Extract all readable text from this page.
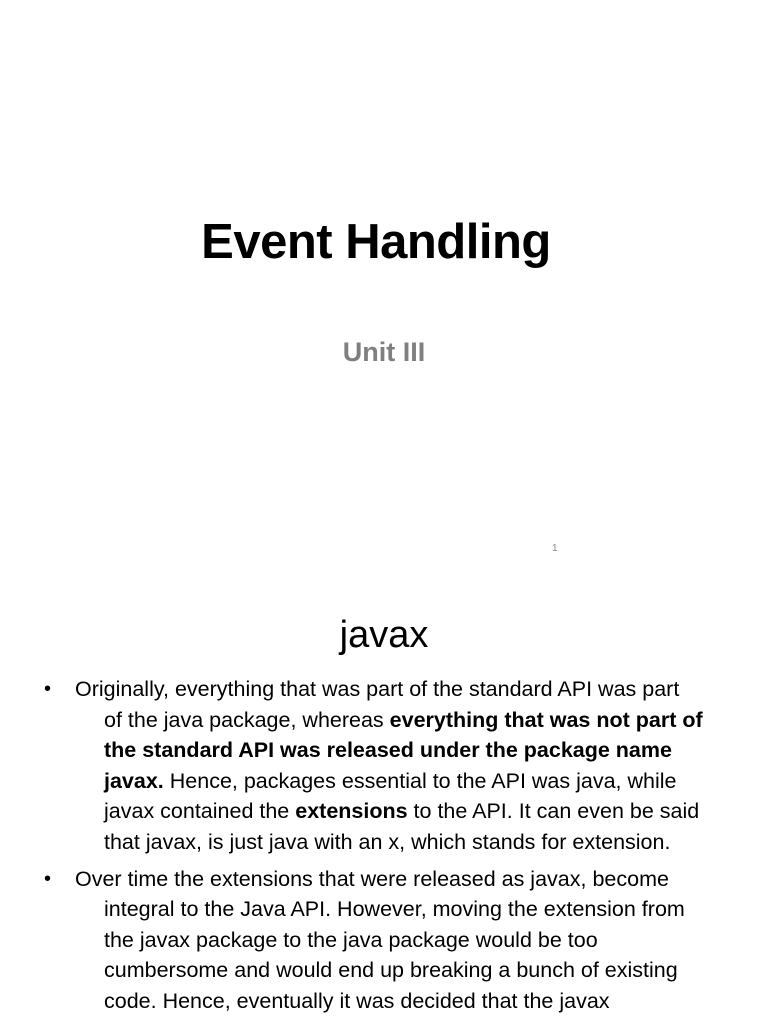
Event Handling
Unit III
1
javax
• Originally, everything that was part of the standard API was part
of the java package, whereas everything that was not part of
the standard API was released under the package name
javax. Hence, packages essential to the API was java, while
javax contained the extensions to the API. It can even be said
that javax, is just java with an x, which stands for extension.
• Over time the extensions that were released as javax, become
integral to the Java API. However, moving the extension from
the javax package to the java package would be too
cumbersome and would end up breaking a bunch of existing
code. Hence, eventually it was decided that the javax
